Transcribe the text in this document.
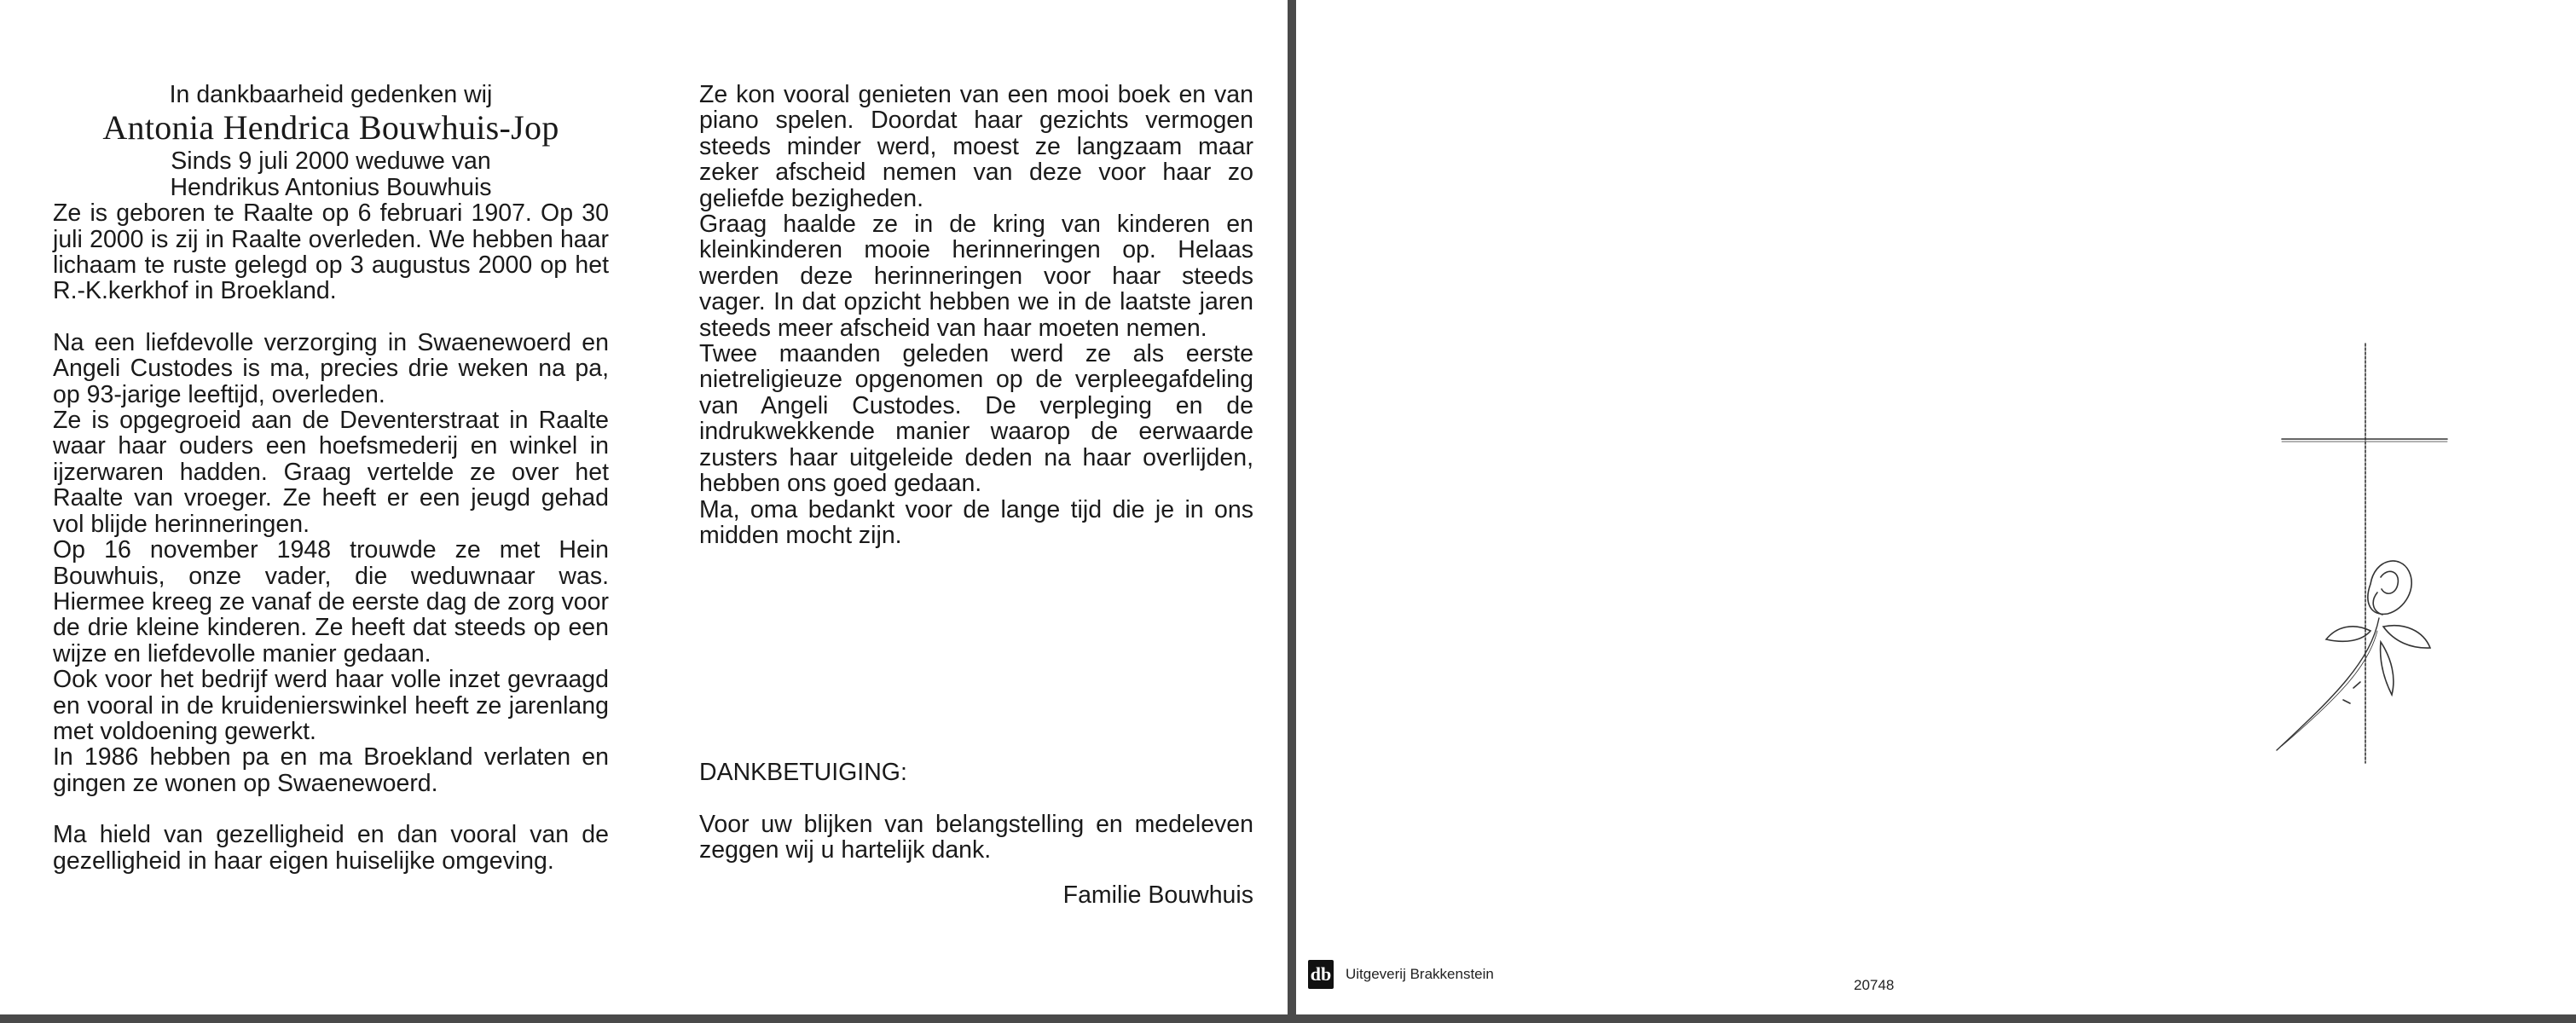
In dankbaarheid gedenken wij

Antonia Hendrica Bouwhuis-Jop

Sinds 9 juli 2000 weduwe van
Hendrikus Antonius Bouwhuis

Ze is geboren te Raalte op 6 februari 1907. Op 30 juli 2000 is zij in Raalte overleden. We hebben haar lichaam te ruste gelegd op 3 augustus 2000 op het R.-K.kerkhof in Broekland.

Na een liefdevolle verzorging in Swaenewoerd en Angeli Custodes is ma, precies drie weken na pa, op 93-jarige leeftijd, overleden.

Ze is opgegroeid aan de Deventerstraat in Raalte waar haar ouders een hoefsmederij en winkel in ijzerwaren hadden. Graag vertelde ze over het Raalte van vroeger. Ze heeft er een jeugd gehad vol blijde herinneringen.

Op 16 november 1948 trouwde ze met Hein Bouwhuis, onze vader, die weduwnaar was. Hiermee kreeg ze vanaf de eerste dag de zorg voor de drie kleine kinderen. Ze heeft dat steeds op een wijze en liefdevolle manier gedaan.

Ook voor het bedrijf werd haar volle inzet gevraagd en vooral in de kruidenierswinkel heeft ze jarenlang met voldoening gewerkt.

In 1986 hebben pa en ma Broekland verlaten en gingen ze wonen op Swaenewoerd.

Ma hield van gezelligheid en dan vooral van de gezelligheid in haar eigen huiselijke omgeving.

Ze kon vooral genieten van een mooi boek en van piano spelen. Doordat haar gezichts vermogen steeds minder werd, moest ze langzaam maar zeker afscheid nemen van deze voor haar zo geliefde bezigheden.

Graag haalde ze in de kring van kinderen en kleinkinderen mooie herinneringen op. Helaas werden deze herinneringen voor haar steeds vager. In dat opzicht hebben we in de laatste jaren steeds meer afscheid van haar moeten nemen.

Twee maanden geleden werd ze als eerste nietreligieuze opgenomen op de verpleegafdeling van Angeli Custodes. De verpleging en de indrukwekkende manier waarop de eerwaarde zusters haar uitgeleide deden na haar overlijden, hebben ons goed gedaan.

Ma, oma bedankt voor de lange tijd die je in ons midden mocht zijn.

DANKBETUIGING:

Voor uw blijken van belangstelling en medeleven zeggen wij u hartelijk dank.

Familie Bouwhuis

db Uitgeverij Brakkenstein
20748
